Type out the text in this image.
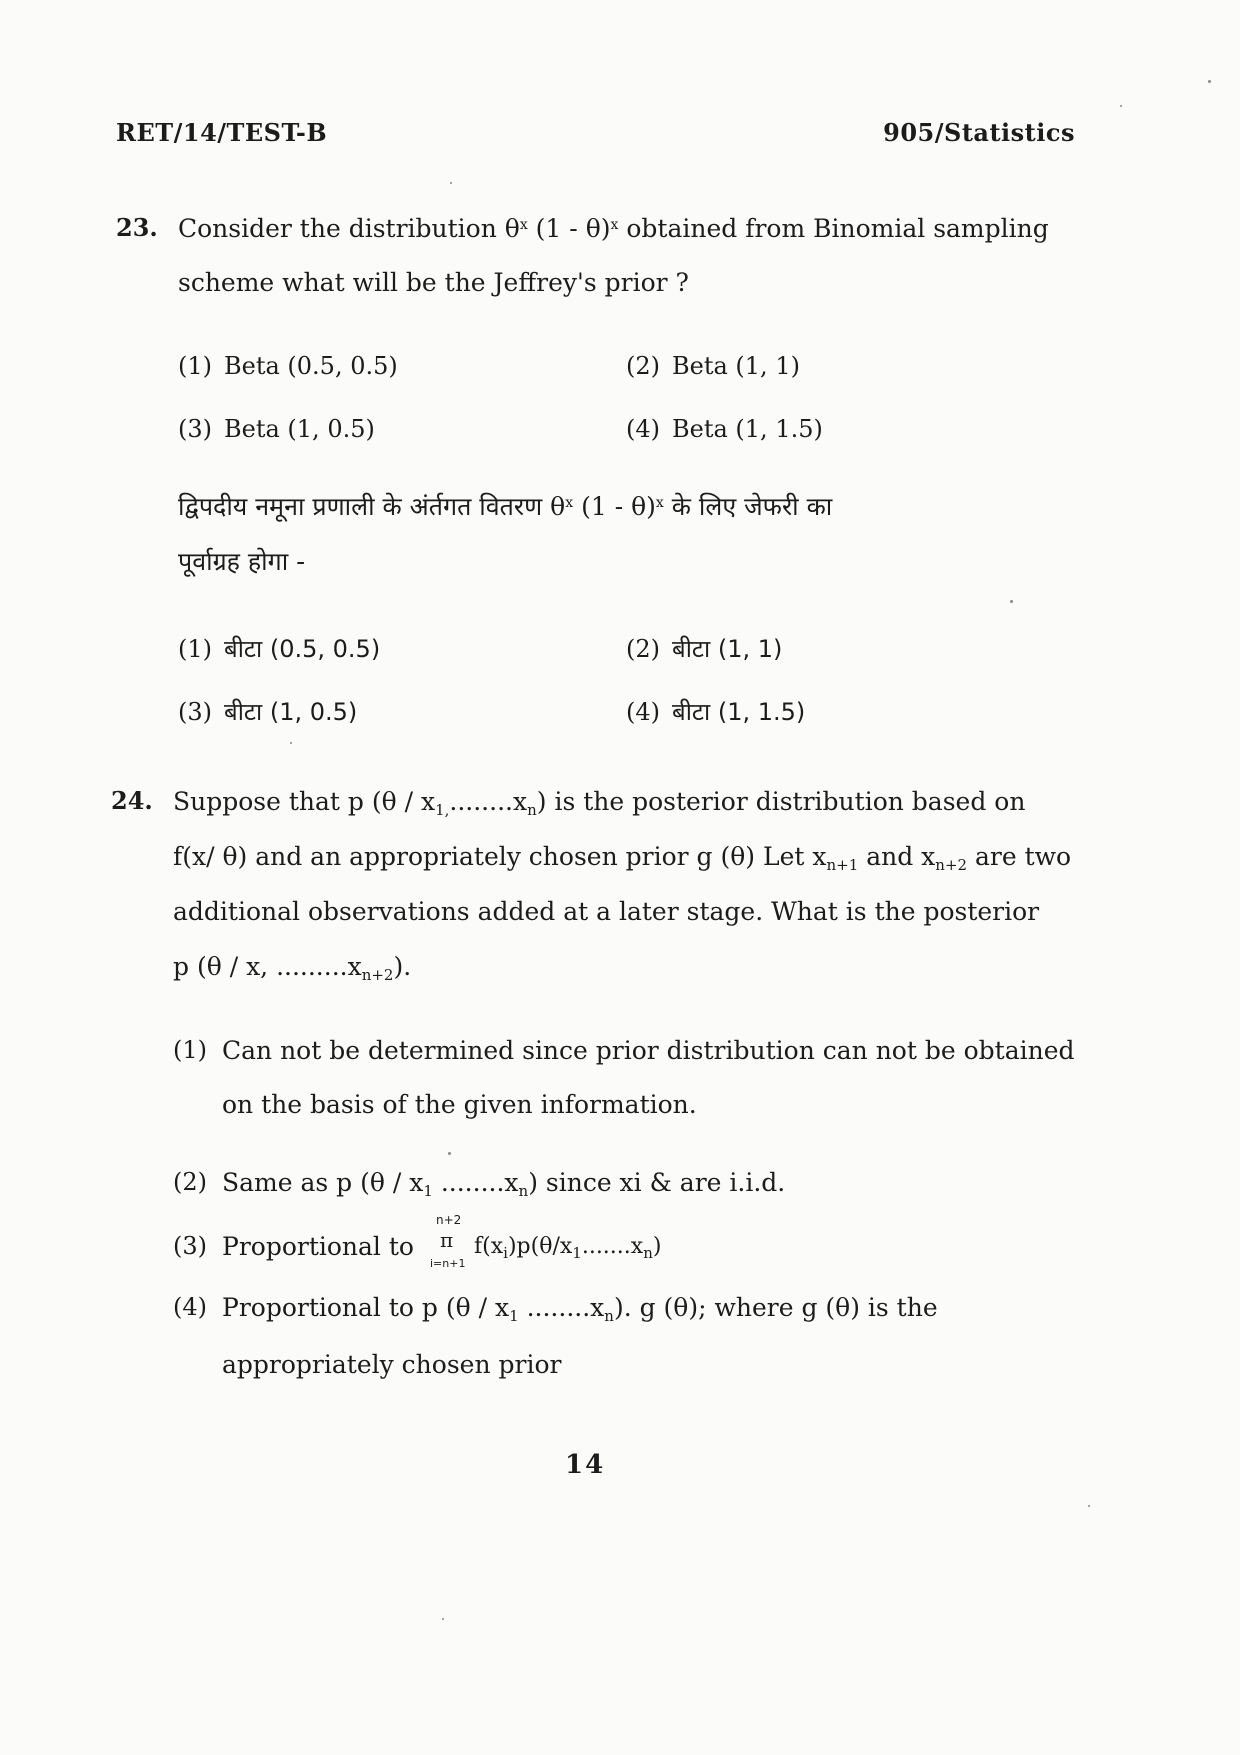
RET/14/TEST-B	905/Statistics
23. Consider the distribution $\theta^x$ (1 - θ)$^x$ obtained from Binomial sampling
scheme what will be the Jeffrey's prior ?
(1) Beta (0.5, 0.5)	(2) Beta (1, 1)
(3) Beta (1, 0.5)	(4) Beta (1, 1.5)
द्विपदीय नमूना प्रणाली के अंर्तगत वितरण $\theta^x$ (1 - θ)$^x$ के लिए जेफरी का
पूर्वाग्रह होगा -
(1) बीटा (0.5, 0.5)	(2) बीटा (1, 1)
(3) बीटा (1, 0.5)	(4) बीटा (1, 1.5)
24. Suppose that p $(\theta / x_{1,}........x_n)$ is the posterior distribution based on
f(x/ θ) and an appropriately chosen prior g (θ) Let $x_{n+1}$ and $x_{n+2}$ are two
additional observations added at a later stage. What is the posterior
p (θ / x, $.........x_{n+2}$).
(1) Can not be determined since prior distribution can not be obtained
on the basis of the given information.
(2) Same as p ($\theta / x_1$ $........x_n$) since xi & are i.i.d.
(3) Proportional to
n+2
π
i=n+1
$f(x_i)p(\theta/x_1.......x_n)$
(4) Proportional to p ($\theta / x_1$ $........x_n$). g (θ); where g (θ) is the
appropriately chosen prior
14
